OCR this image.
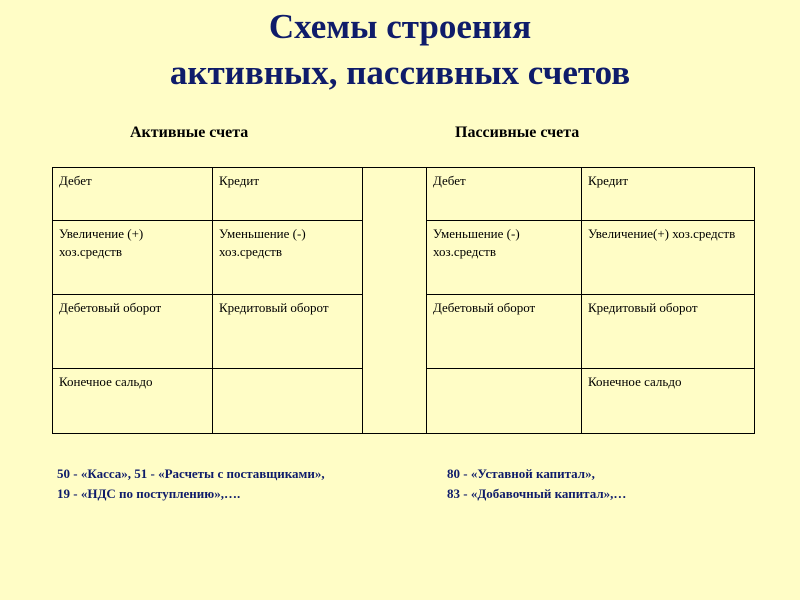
Схемы строения
активных, пассивных счетов
Активные счета	Пассивные счета
Дебет	Кредит		Дебет	Кредит
Увеличение (+) хоз.средств	Уменьшение (-) хоз.средств		Уменьшение (-) хоз.средств	Увеличение(+) хоз.средств
Дебетовый оборот	Кредитовый оборот		Дебетовый оборот	Кредитовый оборот
Конечное сальдо				Конечное сальдо
50 - «Касса», 51 - «Расчеты с поставщиками»,
19 - «НДС по поступлению»,….
80 - «Уставной капитал»,
83 - «Добавочный капитал»,…
